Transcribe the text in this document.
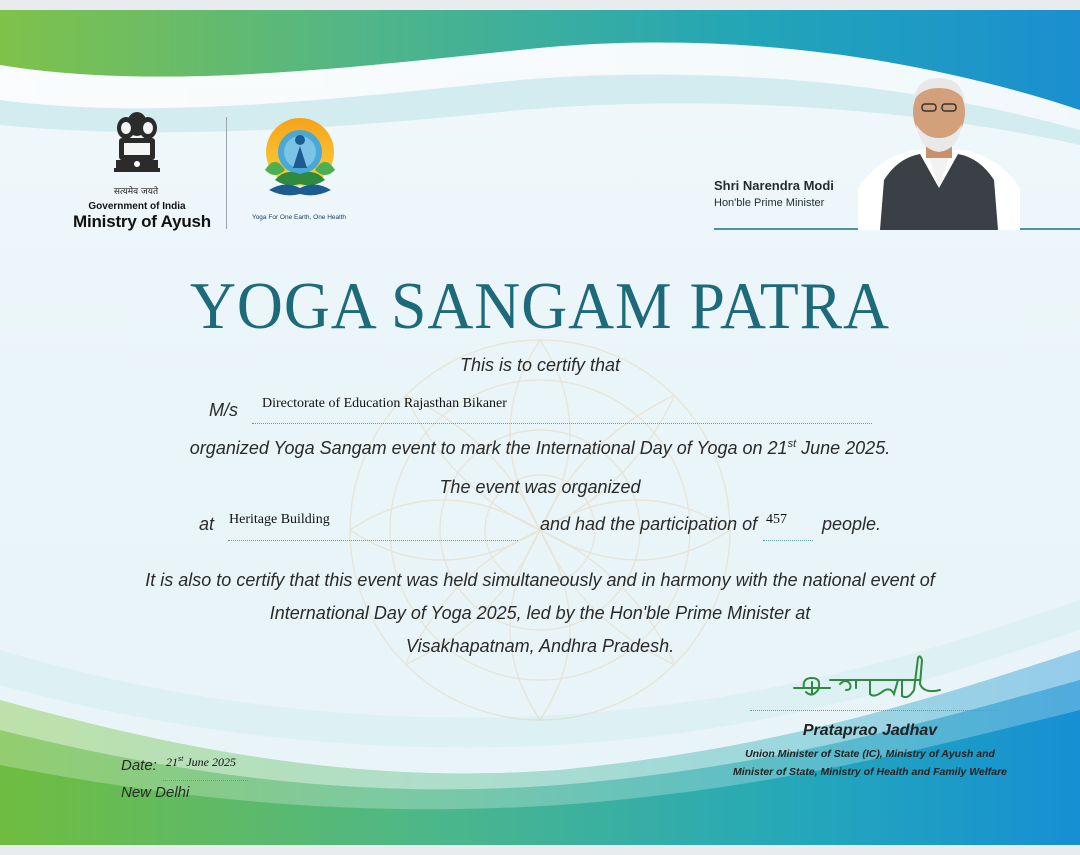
सत्यमेव जयते
Government of India
Ministry of Ayush	Yoga For One Earth, One Health
Shri Narendra Modi
Hon'ble Prime Minister
YOGA SANGAM PATRA
This is to certify that
M/s Directorate of Education Rajasthan Bikaner
organized Yoga Sangam event to mark the International Day of Yoga on 21st June 2025.
The event was organized
at Heritage Building	and had the participation of 457 people.
It is also to certify that this event was held simultaneously and in harmony with the national event of
International Day of Yoga 2025, led by the Hon'ble Prime Minister at
Visakhapatnam, Andhra Pradesh.
Prataprao Jadhav
Union Minister of State (IC), Ministry of Ayush and
Minister of State, Ministry of Health and Family Welfare
Date: 21st June 2025
New Delhi
